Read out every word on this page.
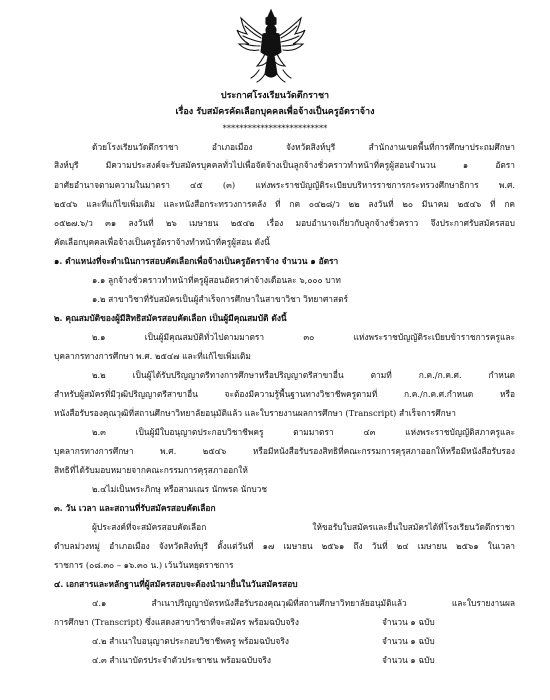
ประกาศโรงเรียนวัดตึกราชา
เรื่อง รับสมัครคัดเลือกบุคคลเพื่อจ้างเป็นครูอัตราจ้าง
*************************
ด้วยโรงเรียนวัดตึกราชา อำเภอเมือง จังหวัดสิงห์บุรี สำนักงานเขตพื้นที่การศึกษาประถมศึกษา
สิงห์บุรี มีความประสงค์จะรับสมัครบุคคลทั่วไปเพื่อจัดจ้างเป็นลูกจ้างชั่วคราวทำหน้าที่ครูผู้สอนจำนวน ๑ อัตรา
อาศัยอำนาจตามความในมาตรา ๔๕ (๓) แห่งพระราชบัญญัติระเบียบบริหารราชการกระทรวงศึกษาธิการ พ.ศ.
๒๕๔๖ และที่แก้ไขเพิ่มเติม และหนังสือกระทรวงการคลัง ที่ กค ๐๔๒๘/ว ๒๒ ลงวันที่ ๒๐ มีนาคม ๒๕๔๖ ที่ กค
๐๕๒๗.๖/ว ๓๑ ลงวันที่ ๒๖ เมษายน ๒๕๔๒ เรื่อง มอบอำนาจเกี่ยวกับลูกจ้างชั่วคราว จึงประกาศรับสมัครสอบ
คัดเลือกบุคคลเพื่อจ้างเป็นครูอัตราจ้างทำหน้าที่ครูผู้สอน ดังนี้
๑. ตำแหน่งที่จะดำเนินการสอบคัดเลือกเพื่อจ้างเป็นครูอัตราจ้าง จำนวน ๑ อัตรา
๑.๑ ลูกจ้างชั่วคราวทำหน้าที่ครูผู้สอนอัตราค่าจ้างเดือนละ ๖,๐๐๐ บาท
๑.๒ สาขาวิชาที่รับสมัครเป็นผู้สำเร็จการศึกษาในสาขาวิชา วิทยาศาสตร์
๒. คุณสมบัติของผู้มีสิทธิสมัครสอบคัดเลือก เป็นผู้มีคุณสมบัติ ดังนี้
๒.๑ เป็นผู้มีคุณสมบัติทั่วไปตามมาตรา ๓๐ แห่งพระราชบัญญัติระเบียบข้าราชการครูและ
บุคลากรทางการศึกษา พ.ศ. ๒๕๔๗ และที่แก้ไขเพิ่มเติม
๒.๒ เป็นผู้ได้รับปริญญาตรีทางการศึกษาหรือปริญญาตรีสาขาอื่น ตามที่ ก.ค./ก.ค.ศ. กำหนด
สำหรับผู้สมัครที่มีวุฒิปริญญาตรีสาขาอื่น จะต้องมีความรู้พื้นฐานทางวิชาชีพครูตามที่ ก.ค./ก.ค.ศ.กำหนด หรือ
หนังสือรับรองคุณวุฒิที่สถานศึกษาวิทยาลัยอนุมัติแล้ว และใบรายงานผลการศึกษา (Transcript) สำเร็จการศึกษา
๒.๓ เป็นผู้มีใบอนุญาตประกอบวิชาชีพครู ตามมาตรา ๔๓ แห่งพระราชบัญญัติสภาครูและ
บุคลากรทางการศึกษา พ.ศ. ๒๕๔๖ หรือมีหนังสือรับรองสิทธิที่คณะกรรมการคุรุสภาออกให้หรือมีหนังสือรับรอง
สิทธิที่ได้รับมอบหมายจากคณะกรรมการคุรุสภาออกให้
๒.๔ไม่เป็นพระภิกษุ หรือสามเณร นักพรต นักบวช
๓. วัน เวลา และสถานที่รับสมัครสอบคัดเลือก
ผู้ประสงค์ที่จะสมัครสอบคัดเลือก ให้ขอรับใบสมัครและยื่นใบสมัครได้ที่โรงเรียนวัดตึกราชา
ตำบลม่วงหมู่ อำเภอเมือง จังหวัดสิงห์บุรี ตั้งแต่วันที่ ๑๗ เมษายน ๒๕๖๑ ถึง วันที่ ๒๔ เมษายน ๒๕๖๑ ในเวลา
ราชการ (๐๘.๓๐ – ๑๖.๓๐ น.) เว้นวันหยุดราชการ
๔. เอกสารและหลักฐานที่ผู้สมัครสอบจะต้องนำมายื่นในวันสมัครสอบ
๔.๑ สำเนาปริญญาบัตรหนังสือรับรองคุณวุฒิที่สถานศึกษาวิทยาลัยอนุมัติแล้ว และใบรายงานผล
การศึกษา (Transcript) ซึ่งแสดงสาขาวิชาที่จะสมัคร พร้อมฉบับจริง	จำนวน ๑ ฉบับ
๔.๒ สำเนาใบอนุญาตประกอบวิชาชีพครู พร้อมฉบับจริง	จำนวน ๑ ฉบับ
๔.๓ สำเนาบัตรประจำตัวประชาชน พร้อมฉบับจริง	จำนวน ๑ ฉบับ
